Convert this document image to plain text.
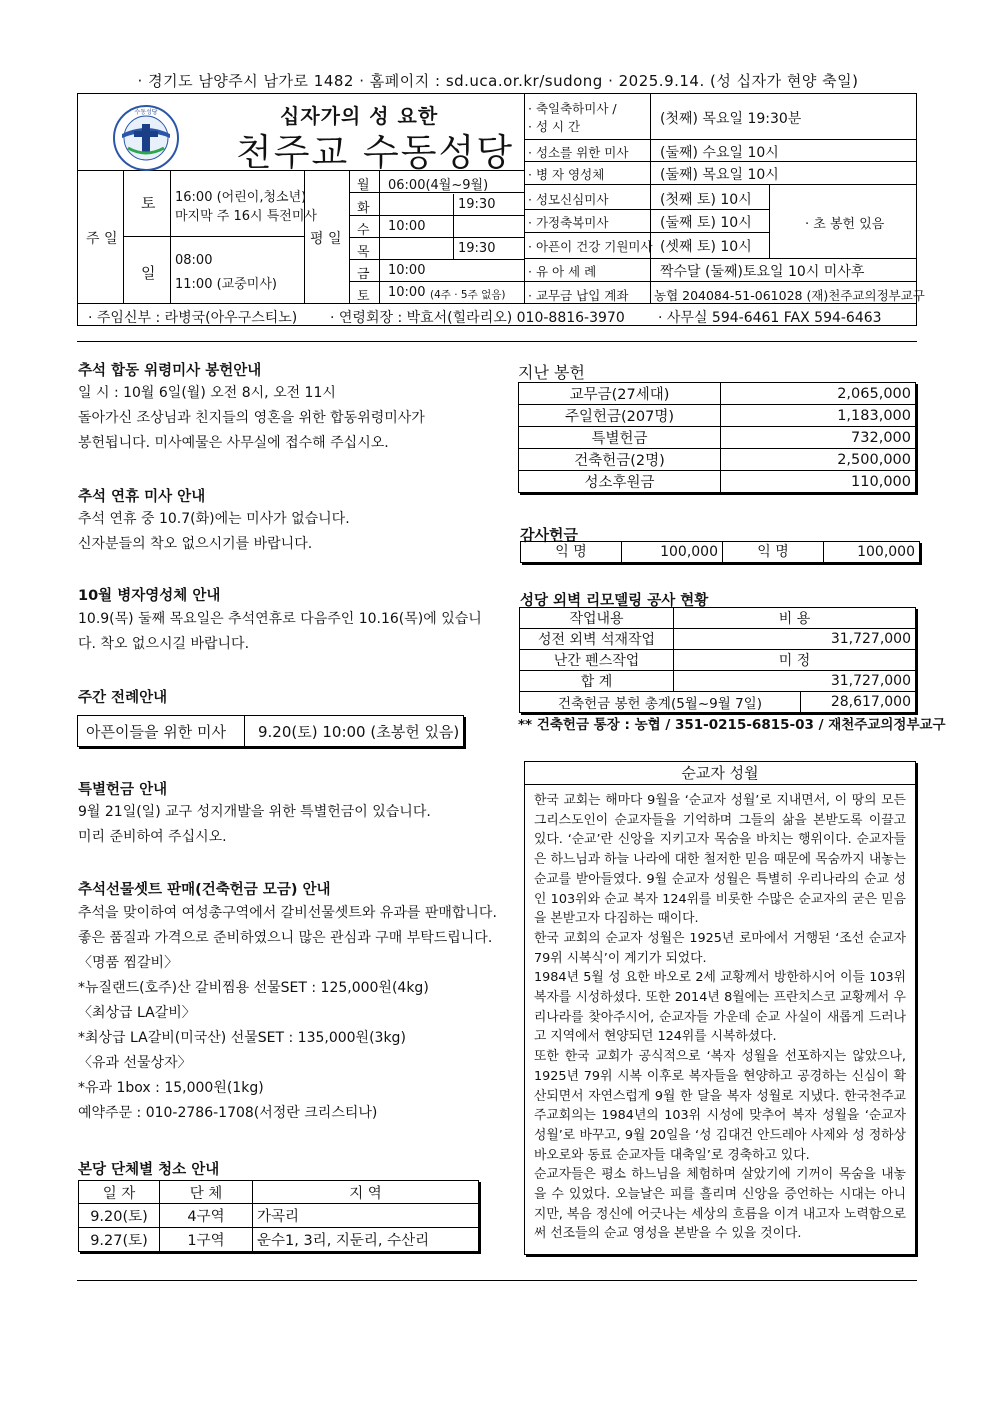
· 경기도 남양주시 남가로 1482 · 홈페이지 : sd.uca.or.kr/sudong · 2025.9.14. (성 십자가 현양 축일)
수동성당	십자가의 성 요한
천주교 수동성당
주 일
토 16:00 (어린이,청소년)
마지막 주 16시 특전미사
일
08:00
11:00 (교중미사)
평 일
월 06:00(4월~9월)
화	19:30
수 10:00
목	19:30
금 10:00
토 10:00 (4주 · 5주 없음)
· 축일축하미사 /
· 성 시 간	(첫째) 목요일 19:30분
· 성소를 위한 미사 (둘째) 수요일 10시
· 병 자 영성체	(둘째) 목요일 10시
· 성모신심미사	(첫째 토) 10시
· 가정축복미사	(둘째 토) 10시
· 아픈이 건강 기원미사 (셋째 토) 10시
· 초 봉헌 있음
· 유 아 세 례	짝수달 (둘째)토요일 10시 미사후
· 교무금 납입 계좌 농협 204084-51-061028 (재)천주교의정부교구
· 주임신부 : 라병국(아우구스티노) · 연령회장 : 박효서(힐라리오) 010-8816-3970 · 사무실 594-6461 FAX 594-6463
추석 합동 위령미사 봉헌안내
일 시 : 10월 6일(월) 오전 8시, 오전 11시
돌아가신 조상님과 친지들의 영혼을 위한 합동위령미사가
봉헌됩니다. 미사예물은 사무실에 접수해 주십시오.
추석 연휴 미사 안내
추석 연휴 중 10.7(화)에는 미사가 없습니다.
신자분들의 착오 없으시기를 바랍니다.
10월 병자영성체 안내
10.9(목) 둘째 목요일은 추석연휴로 다음주인 10.16(목)에 있습니
다. 착오 없으시길 바랍니다.
주간 전례안내
아픈이들을 위한 미사 9.20(토) 10:00 (초봉헌 있음)
특별헌금 안내
9월 21일(일) 교구 성지개발을 위한 특별헌금이 있습니다.
미리 준비하여 주십시오.
추석선물셋트 판매(건축헌금 모금) 안내
추석을 맞이하여 여성총구역에서 갈비선물셋트와 유과를 판매합니다.
좋은 품질과 가격으로 준비하였으니 많은 관심과 구매 부탁드립니다.
〈명품 찜갈비〉
*뉴질랜드(호주)산 갈비찜용 선물SET : 125,000원(4kg)
〈최상급 LA갈비〉
*최상급 LA갈비(미국산) 선물SET : 135,000원(3kg)
〈유과 선물상자〉
*유과 1box : 15,000원(1kg)
예약주문 : 010-2786-1708(서정란 크리스티나)
본당 단체별 청소 안내
일 자	단 체	지 역
9.20(토)	4구역	가곡리
9.27(토)	1구역	운수1, 3리, 지둔리, 수산리
지난 봉헌
교무금(27세대)	2,065,000
주일헌금(207명)	1,183,000
특별헌금	732,000
건축헌금(2명)	2,500,000
성소후원금	110,000
감사헌금
익 명	100,000	익 명	100,000
성당 외벽 리모델링 공사 현황
작업내용	비 용	
성전 외벽 석재작업	31,727,000	
난간 펜스작업	미 정	
합 계	31,727,000	
건축헌금 봉헌 총계(5월~9월 7일)		28,617,000
** 건축헌금 통장 : 농협 / 351-0215-6815-03 / 재천주교의정부교구
순교자 성월
한국 교회는 해마다 9월을 ‘순교자 성월’로 지내면서, 이 땅의 모든 그리스도인이 순교자들을 기억하며 그들의 삶을 본받도록 이끌고 있다. ‘순교’란 신앙을 지키고자 목숨을 바치는 행위이다. 순교자들은 하느님과 하늘 나라에 대한 철저한 믿음 때문에 목숨까지 내놓는 순교를 받아들였다. 9월 순교자 성월은 특별히 우리나라의 순교 성인 103위와 순교 복자 124위를 비롯한 수많은 순교자의 굳은 믿음을 본받고자 다짐하는 때이다.
한국 교회의 순교자 성월은 1925년 로마에서 거행된 ‘조선 순교자 79위 시복식’이 계기가 되었다.
1984년 5월 성 요한 바오로 2세 교황께서 방한하시어 이들 103위 복자를 시성하셨다. 또한 2014년 8월에는 프란치스코 교황께서 우리나라를 찾아주시어, 순교자들 가운데 순교 사실이 새롭게 드러나고 지역에서 현양되던 124위를 시복하셨다.
또한 한국 교회가 공식적으로 ‘복자 성월을 선포하지는 않았으나, 1925년 79위 시복 이후로 복자들을 현양하고 공경하는 신심이 확산되면서 자연스럽게 9월 한 달을 복자 성월로 지냈다. 한국천주교주교회의는 1984년의 103위 시성에 맞추어 복자 성월을 ‘순교자 성월’로 바꾸고, 9월 20일을 ‘성 김대건 안드레아 사제와 성 정하상 바오로와 동료 순교자들 대축일’로 경축하고 있다.
순교자들은 평소 하느님을 체험하며 살았기에 기꺼이 목숨을 내놓을 수 있었다. 오늘날은 피를 흘리며 신앙을 증언하는 시대는 아니지만, 복음 정신에 어긋나는 세상의 흐름을 이겨 내고자 노력함으로써 선조들의 순교 영성을 본받을 수 있을 것이다.
